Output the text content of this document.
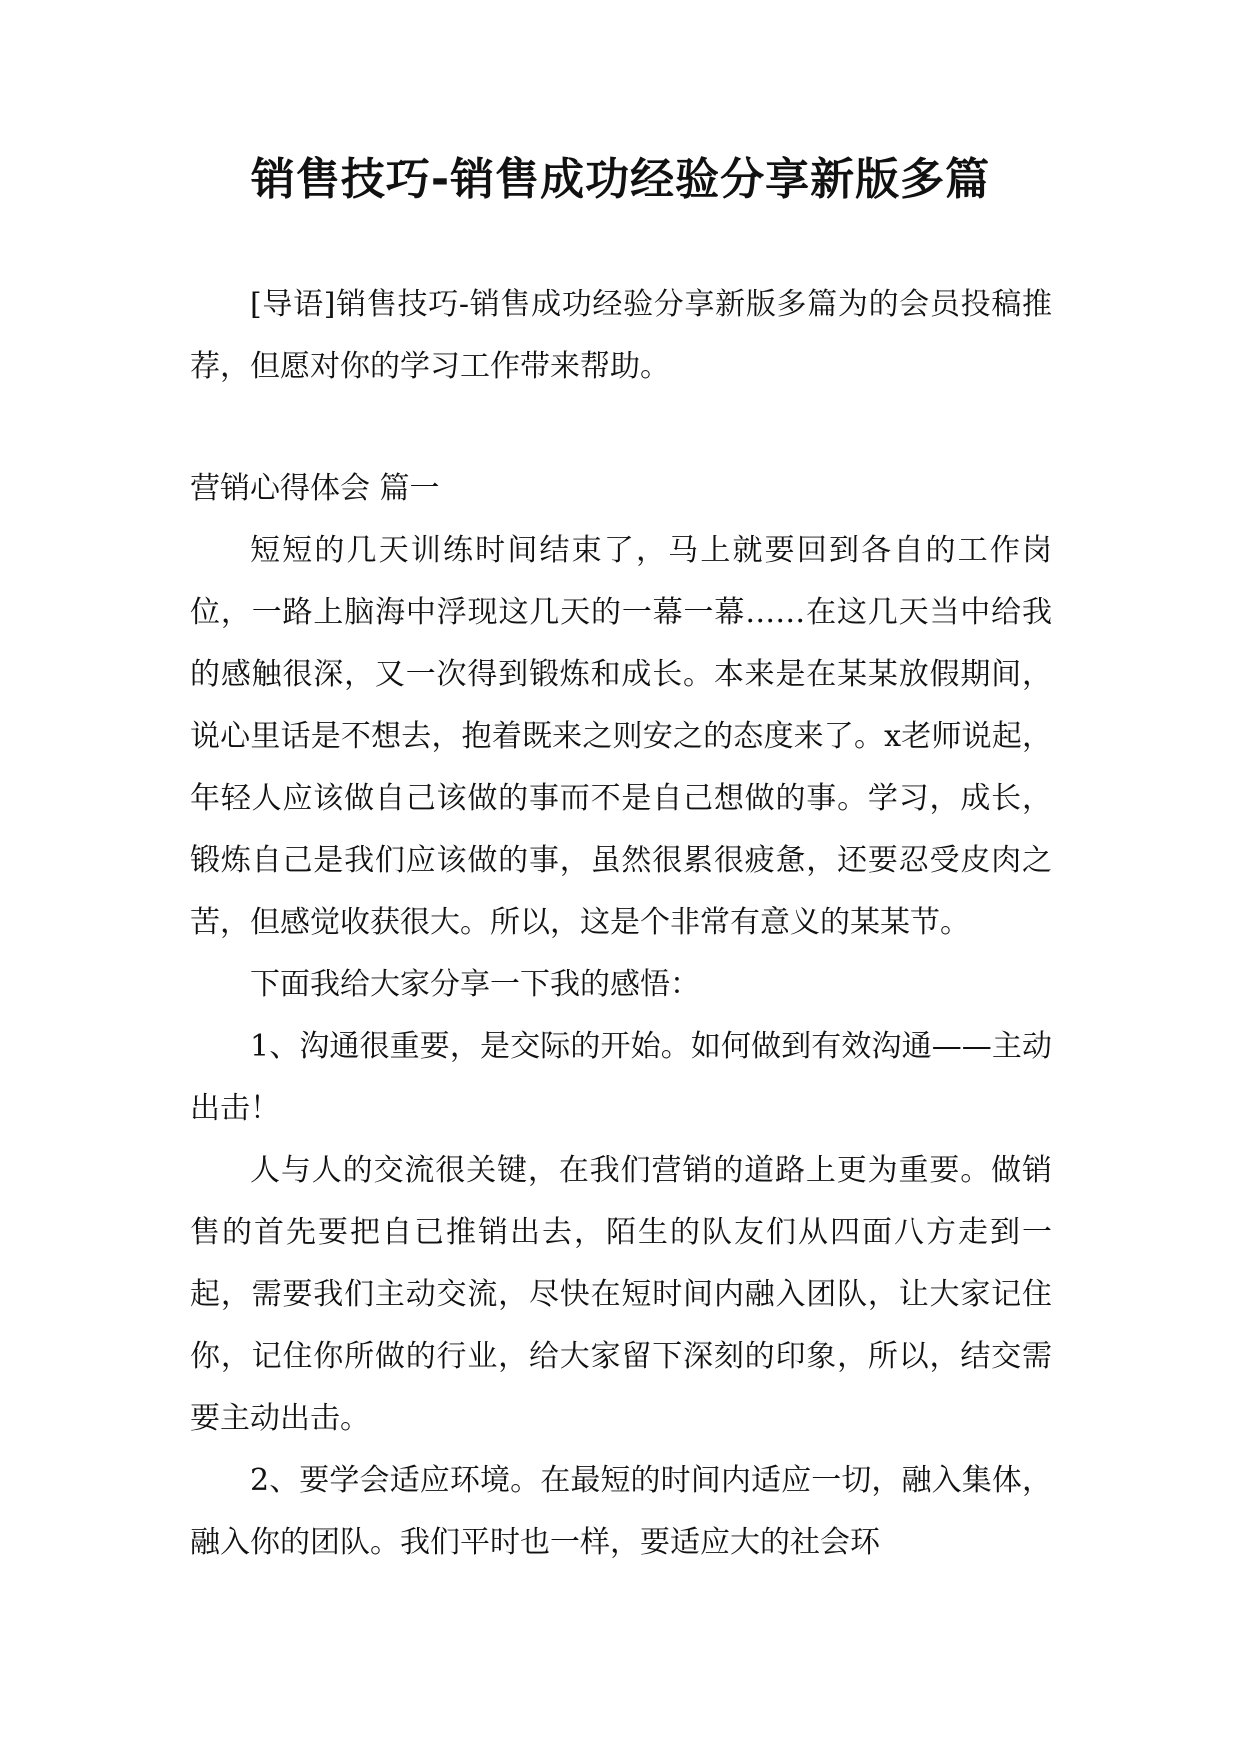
销售技巧-销售成功经验分享新版多篇

[导语]销售技巧-销售成功经验分享新版多篇为的会员投稿推荐，但愿对你的学习工作带来帮助。

营销心得体会 篇一

短短的几天训练时间结束了，马上就要回到各自的工作岗位，一路上脑海中浮现这几天的一幕一幕……在这几天当中给我的感触很深，又一次得到锻炼和成长。本来是在某某放假期间，说心里话是不想去，抱着既来之则安之的态度来了。x老师说起，年轻人应该做自己该做的事而不是自己想做的事。学习，成长，锻炼自己是我们应该做的事，虽然很累很疲惫，还要忍受皮肉之苦，但感觉收获很大。所以，这是个非常有意义的某某节。

下面我给大家分享一下我的感悟：

1、沟通很重要，是交际的开始。如何做到有效沟通——主动出击！

人与人的交流很关键，在我们营销的道路上更为重要。做销售的首先要把自已推销出去，陌生的队友们从四面八方走到一起，需要我们主动交流，尽快在短时间内融入团队，让大家记住你，记住你所做的行业，给大家留下深刻的印象，所以，结交需要主动出击。

2、要学会适应环境。在最短的时间内适应一切，融入集体，融入你的团队。我们平时也一样，要适应大的社会环
